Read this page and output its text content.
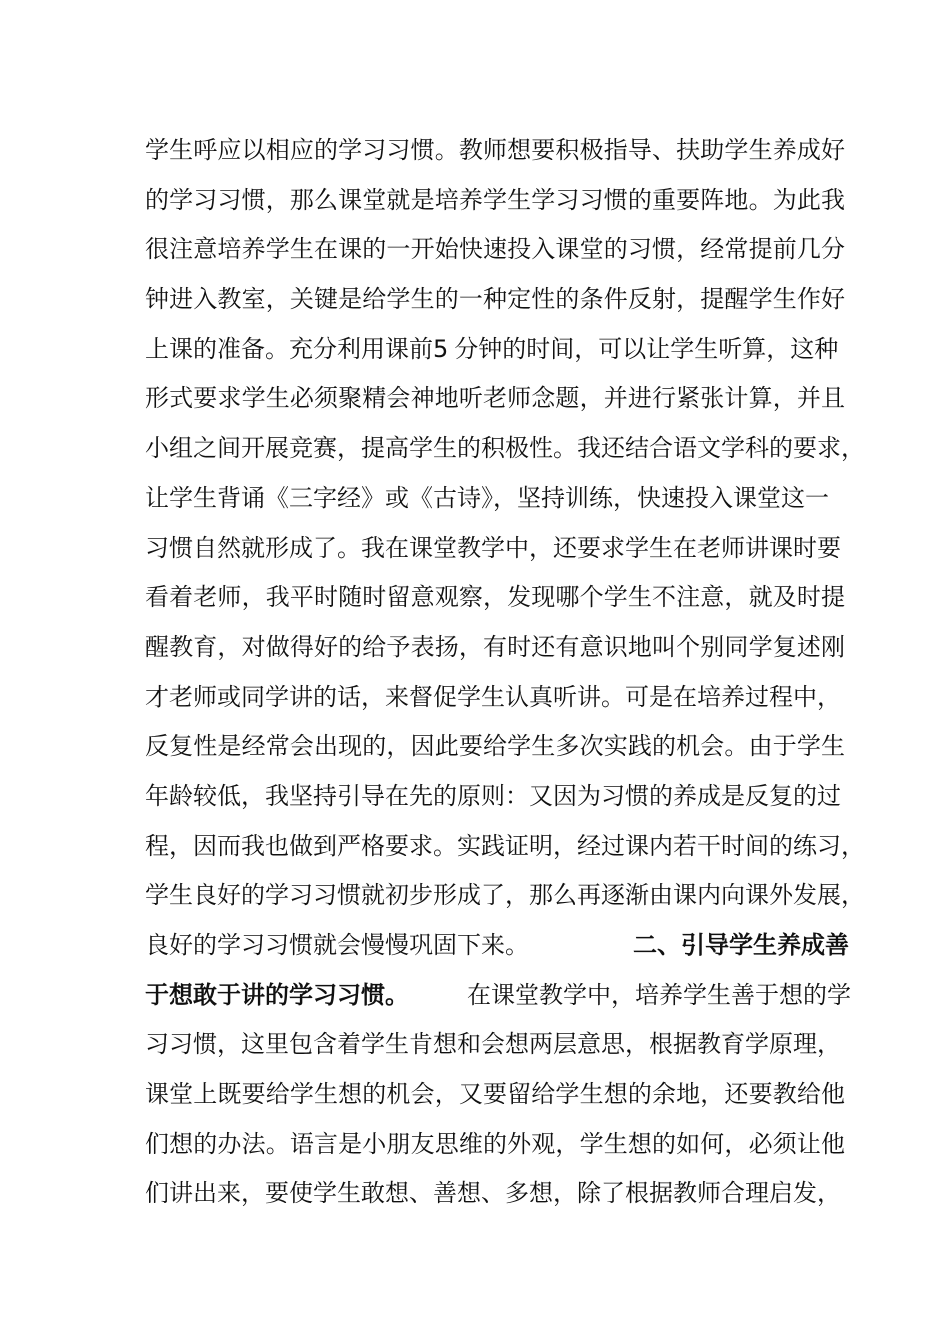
学生呼应以相应的学习习惯。教师想要积极指导、扶助学生养成好
的学习习惯，那么课堂就是培养学生学习习惯的重要阵地。为此我
很注意培养学生在课的一开始快速投入课堂的习惯，经常提前几分
钟进入教室，关键是给学生的一种定性的条件反射，提醒学生作好
上课的准备。充分利用课前5 分钟的时间，可以让学生听算，这种
形式要求学生必须聚精会神地听老师念题，并进行紧张计算，并且
小组之间开展竞赛，提高学生的积极性。我还结合语文学科的要求，
让学生背诵《三字经》或《古诗》，坚持训练，快速投入课堂这一
习惯自然就形成了。我在课堂教学中，还要求学生在老师讲课时要
看着老师，我平时随时留意观察，发现哪个学生不注意，就及时提
醒教育，对做得好的给予表扬，有时还有意识地叫个别同学复述刚
才老师或同学讲的话，来督促学生认真听讲。可是在培养过程中，
反复性是经常会出现的，因此要给学生多次实践的机会。由于学生
年龄较低，我坚持引导在先的原则：又因为习惯的养成是反复的过
程，因而我也做到严格要求。实践证明，经过课内若干时间的练习，
学生良好的学习习惯就初步形成了，那么再逐渐由课内向课外发展，
良好的学习习惯就会慢慢巩固下来。	二、引导学生养成善
于想敢于讲的学习习惯。 在课堂教学中，培养学生善于想的学
习习惯，这里包含着学生肯想和会想两层意思，根据教育学原理，
课堂上既要给学生想的机会，又要留给学生想的余地，还要教给他
们想的办法。语言是小朋友思维的外观，学生想的如何，必须让他
们讲出来，要使学生敢想、善想、多想，除了根据教师合理启发，
